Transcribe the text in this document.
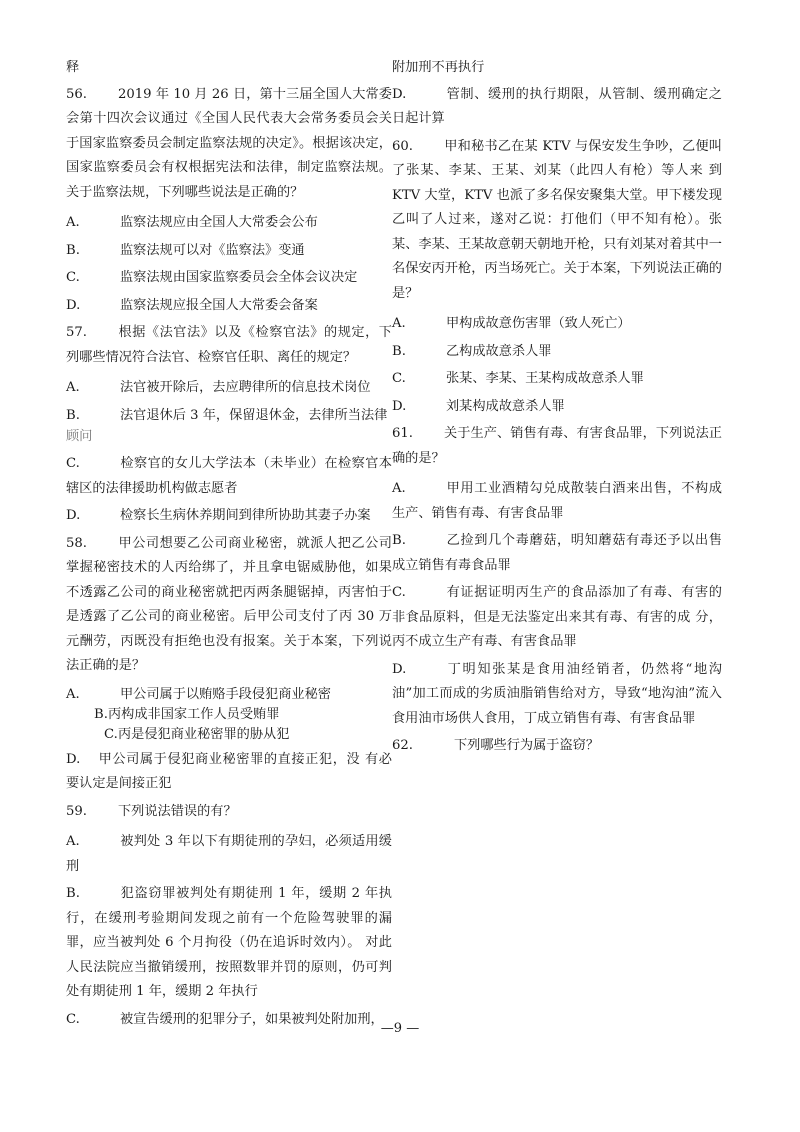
释

56. 2019 年 10 月 26 日，第十三届全国人大常委会第十四次会议通过《全国人民代表大会常务委员会关于国家监察委员会制定监察法规的决定》。根据该决定，国家监察委员会有权根据宪法和法律，制定监察法规。关于监察法规，下列哪些说法是正确的？

A.	监察法规应由全国人大常委会公布

B.	监察法规可以对《监察法》变通

C.	监察法规由国家监察委员会全体会议决定

D.	监察法规应报全国人大常委会备案

57. 根据《法官法》以及《检察官法》的规定，下列哪些情况符合法官、检察官任职、离任的规定？

A.	法官被开除后，去应聘律所的信息技术岗位

B.	法官退休后 3 年，保留退休金，去律所当法律

顾问

C.	检察官的女儿大学法本（未毕业）在检察官本辖区的法律援助机构做志愿者

D.	检察长生病休养期间到律所协助其妻子办案

58. 甲公司想要乙公司商业秘密，就派人把乙公司掌握秘密技术的人丙给绑了，并且拿电锯威胁他，如果不透露乙公司的商业秘密就把丙两条腿锯掉，丙害怕于是透露了乙公司的商业秘密。后甲公司支付了丙 30 万元酬劳，丙既没有拒绝也没有报案。关于本案，下列说法正确的是？

A.	甲公司属于以贿赂手段侵犯商业秘密

B.丙构成非国家工作人员受贿罪

C.丙是侵犯商业秘密罪的胁从犯

D. 甲公司属于侵犯商业秘密罪的直接正犯，没 有必要认定是间接正犯

59. 下列说法错误的有？

A.	被判处 3 年以下有期徒刑的孕妇，必须适用缓刑

B.	犯盗窃罪被判处有期徒刑 1 年，缓期 2 年执行，在缓刑考验期间发现之前有一个危险驾驶罪的漏罪，应当被判处 6 个月拘役（仍在追诉时效内）。 对此人民法院应当撤销缓刑，按照数罪并罚的原则，仍可判处有期徒刑 1 年，缓期 2 年执行

C.	被宣告缓刑的犯罪分子，如果被判处附加刑，

附加刑不再执行

D.	管制、缓刑的执行期限，从管制、缓刑确定之日起计算

60. 甲和秘书乙在某 KTV 与保安发生争吵，乙便叫了张某、李某、王某、刘某（此四人有枪）等人来 到 KTV 大堂，KTV 也派了多名保安聚集大堂。甲下楼发现乙叫了人过来，遂对乙说：打他们（甲不知有枪）。张某、李某、王某故意朝天朝地开枪，只有刘某对着其中一名保安丙开枪，丙当场死亡。关于本案，下列说法正确的是？

A.	甲构成故意伤害罪（致人死亡）

B.	乙构成故意杀人罪

C.	张某、李某、王某构成故意杀人罪

D.	刘某构成故意杀人罪

61. 关于生产、销售有毒、有害食品罪，下列说法正确的是？

A.	甲用工业酒精勾兑成散装白酒来出售，不构成生产、销售有毒、有害食品罪

B.	乙捡到几个毒蘑菇，明知蘑菇有毒还予以出售成立销售有毒食品罪

C.	有证据证明丙生产的食品添加了有毒、有害的非食品原料，但是无法鉴定出来其有毒、有害的成 分，丙不成立生产有毒、有害食品罪

D.	丁明知张某是食用油经销者，仍然将“地沟油”加工而成的劣质油脂销售给对方，导致“地沟油”流入食用油市场供人食用，丁成立销售有毒、有害食品罪

62.	下列哪些行为属于盗窃？

—9 —
